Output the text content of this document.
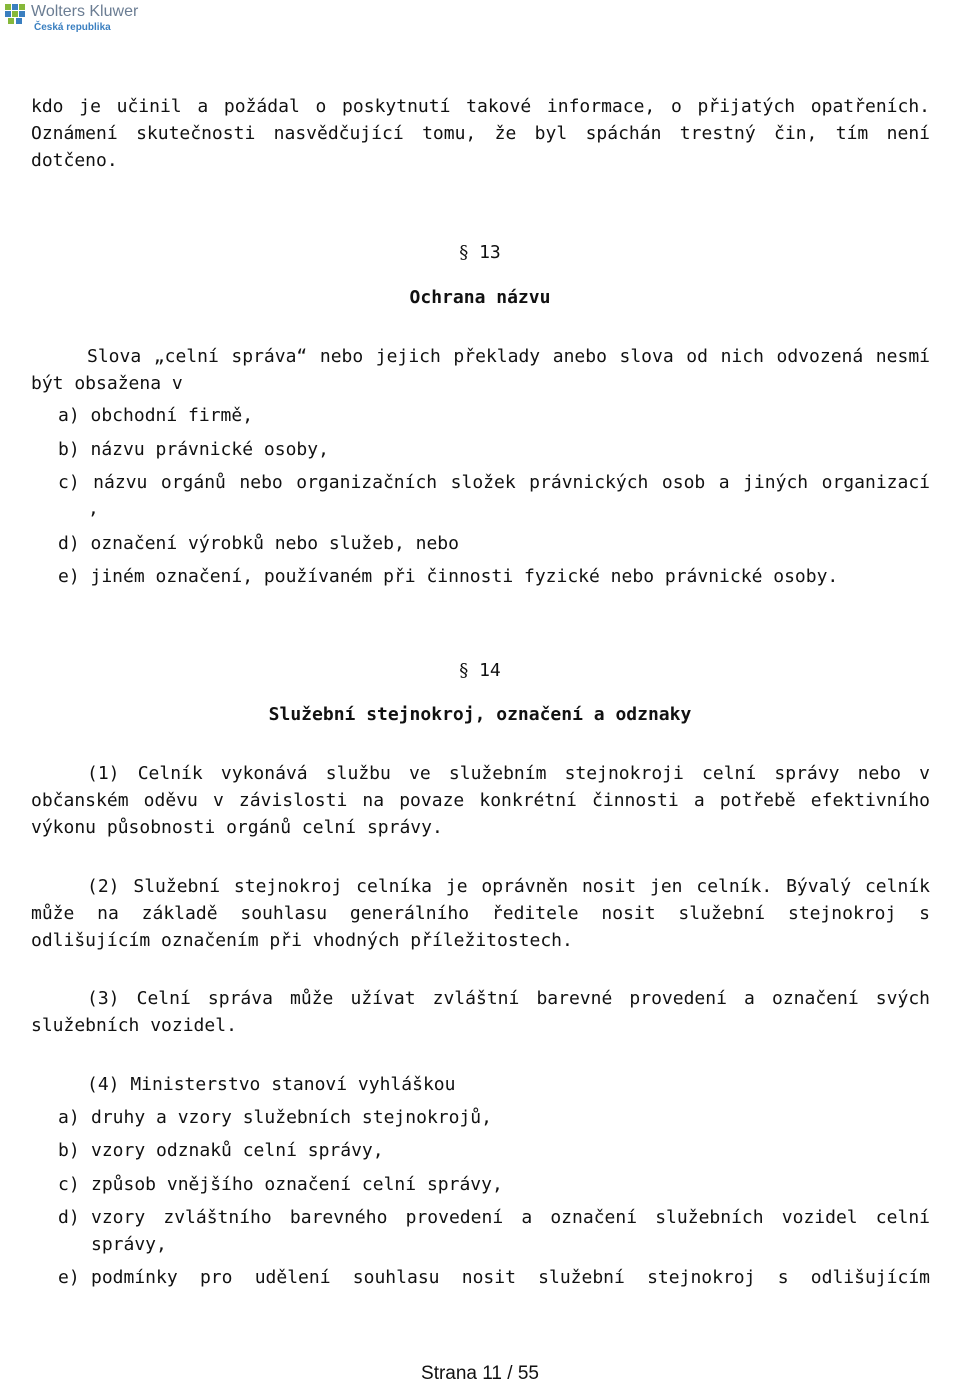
Wolters Kluwer
Česká republika

kdo je učinil a požádal o poskytnutí takové informace, o přijatých opatřeních. Oznámení skutečnosti nasvědčující tomu, že byl spáchán trestný čin, tím není dotčeno.

§ 13

Ochrana názvu

Slova „celní správa“ nebo jejich překlady anebo slova od nich odvozená nesmí být obsažena v

a) obchodní firmě,

b) názvu právnické osoby,

c) názvu orgánů nebo organizačních složek právnických osob a jiných organizací

,

d) označení výrobků nebo služeb, nebo

e) jiném označení, používaném při činnosti fyzické nebo právnické osoby.

§ 14

Služební stejnokroj, označení a odznaky

(1) Celník vykonává službu ve služebním stejnokroji celní správy nebo v občanském oděvu v závislosti na povaze konkrétní činnosti a potřebě efektivního výkonu působnosti orgánů celní správy.

(2) Služební stejnokroj celníka je oprávněn nosit jen celník. Bývalý celník může na základě souhlasu generálního ředitele nosit služební stejnokroj s odlišujícím označením při vhodných příležitostech.

(3) Celní správa může užívat zvláštní barevné provedení a označení svých služebních vozidel.

(4) Ministerstvo stanoví vyhláškou

a) druhy a vzory služebních stejnokrojů,
b) vzory odznaků celní správy,
c) způsob vnějšího označení celní správy,
d) vzory zvláštního barevného provedení a označení služebních vozidel celní správy,
e) podmínky pro udělení souhlasu nosit služební stejnokroj s odlišujícím
Strana 11 / 55
